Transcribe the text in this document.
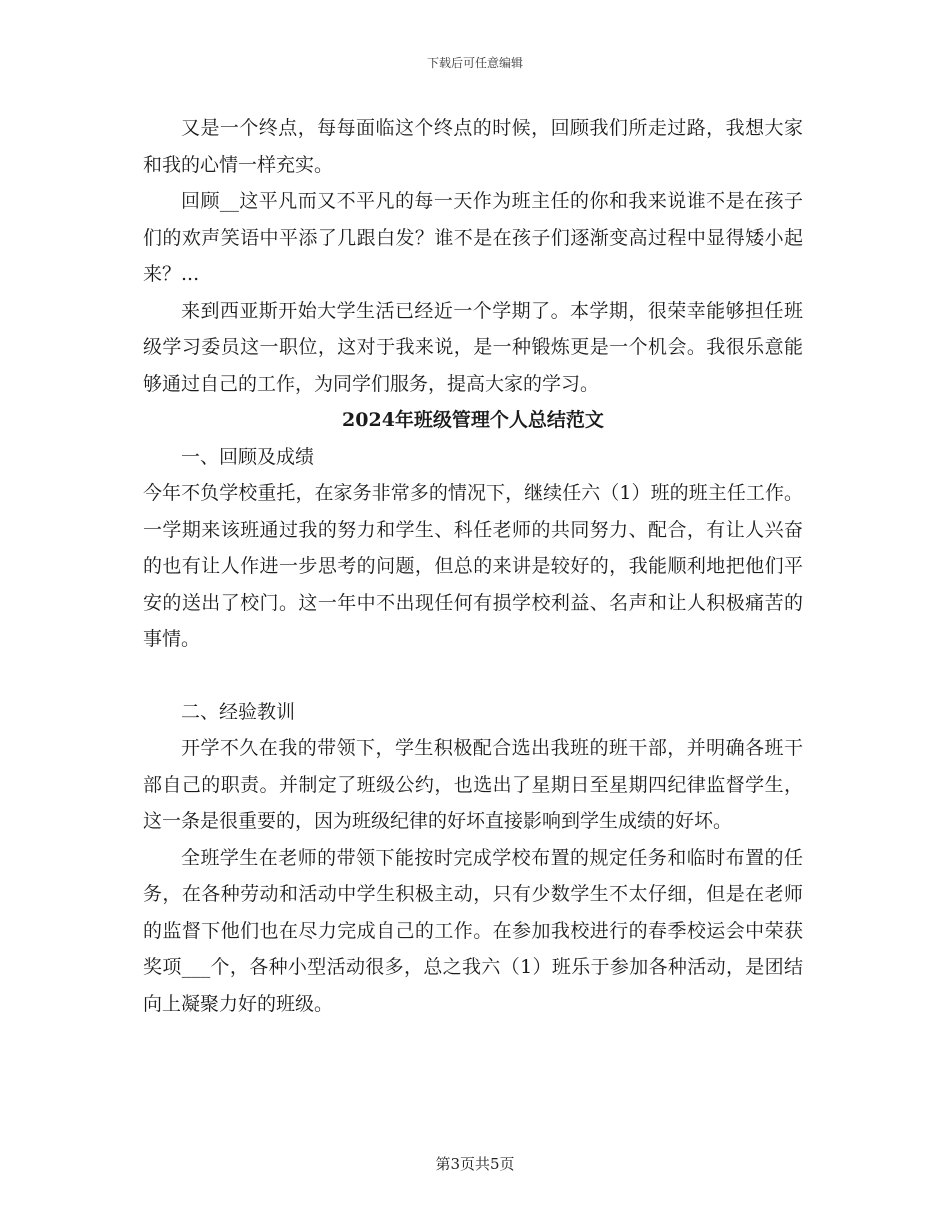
下载后可任意编辑

又是一个终点，每每面临这个终点的时候，回顾我们所走过路，我想大家和我的心情一样充实。

回顾__这平凡而又不平凡的每一天作为班主任的你和我来说谁不是在孩子们的欢声笑语中平添了几跟白发？谁不是在孩子们逐渐变高过程中显得矮小起来？...

来到西亚斯开始大学生活已经近一个学期了。本学期，很荣幸能够担任班级学习委员这一职位，这对于我来说，是一种锻炼更是一个机会。我很乐意能够通过自己的工作，为同学们服务，提高大家的学习。

2024年班级管理个人总结范文

一、回顾及成绩

今年不负学校重托，在家务非常多的情况下，继续任六（1）班的班主任工作。一学期来该班通过我的努力和学生、科任老师的共同努力、配合，有让人兴奋的也有让人作进一步思考的问题，但总的来讲是较好的，我能顺利地把他们平安的送出了校门。这一年中不出现任何有损学校利益、名声和让人积极痛苦的事情。

二、经验教训

开学不久在我的带领下，学生积极配合选出我班的班干部，并明确各班干部自己的职责。并制定了班级公约，也选出了星期日至星期四纪律监督学生，这一条是很重要的，因为班级纪律的好坏直接影响到学生成绩的好坏。

全班学生在老师的带领下能按时完成学校布置的规定任务和临时布置的任务，在各种劳动和活动中学生积极主动，只有少数学生不太仔细，但是在老师的监督下他们也在尽力完成自己的工作。在参加我校进行的春季校运会中荣获奖项___个，各种小型活动很多，总之我六（1）班乐于参加各种活动，是团结向上凝聚力好的班级。

第3页共5页
